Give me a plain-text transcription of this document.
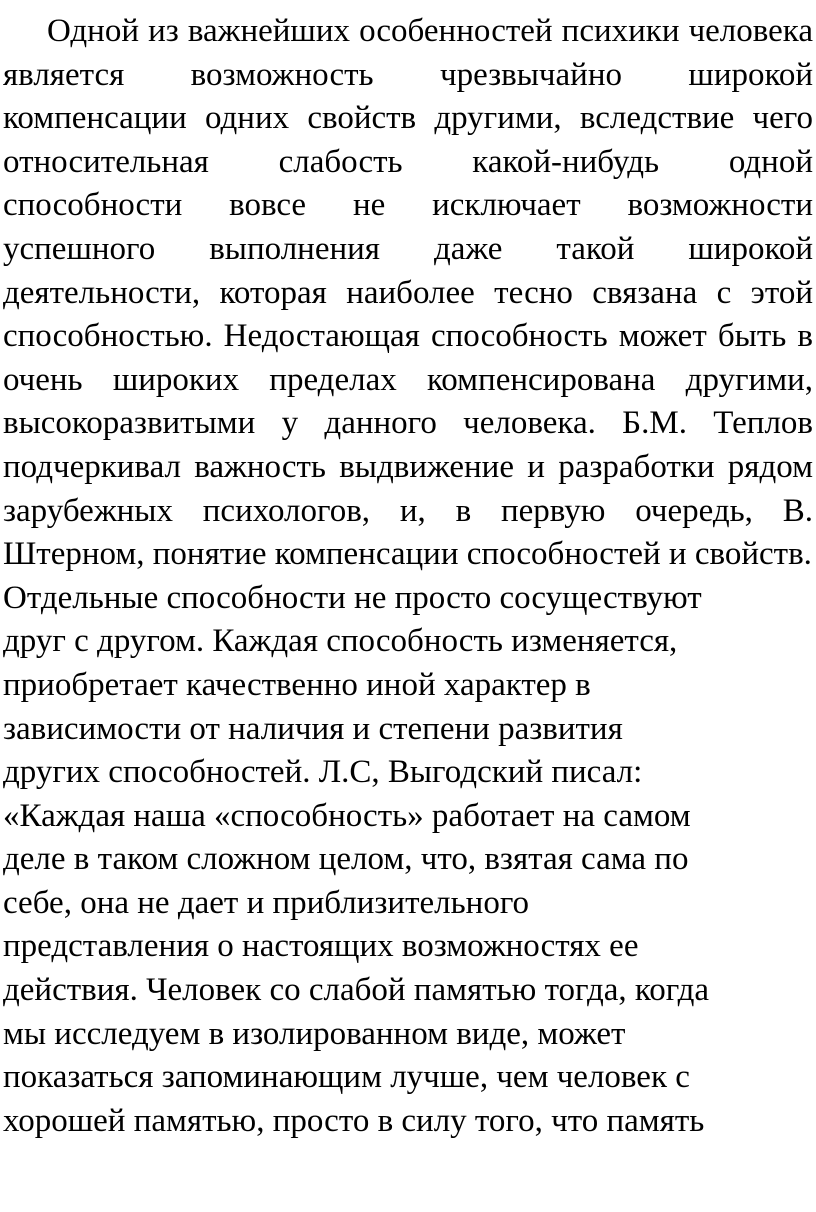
Одной из важнейших особенностей психики человека является возможность чрезвычайно широкой компенсации одних свойств другими, вследствие чего относительная слабость какой-нибудь одной способности вовсе не исключает возможности успешного выполнения даже такой широкой деятельности, которая наиболее тесно связана с этой способностью. Недостающая способность может быть в очень широких пределах компенсирована другими, высокоразвитыми у данного человека. Б.М. Теплов подчеркивал важность выдвижение и разработки рядом зарубежных психологов, и, в первую очередь, В. Штерном, понятие компенсации способностей и свойств.

Отдельные способности не просто сосуществуют
друг с другом. Каждая способность изменяется,
приобретает качественно иной характер в
зависимости от наличия и степени развития
других способностей. Л.С, Выгодский писал:
«Каждая наша «способность» работает на самом
деле в таком сложном целом, что, взятая сама по
себе, она не дает и приблизительного
представления о настоящих возможностях ее
действия. Человек со слабой памятью тогда, когда
мы исследуем в изолированном виде, может
показаться запоминающим лучше, чем человек с
хорошей памятью, просто в силу того, что память
